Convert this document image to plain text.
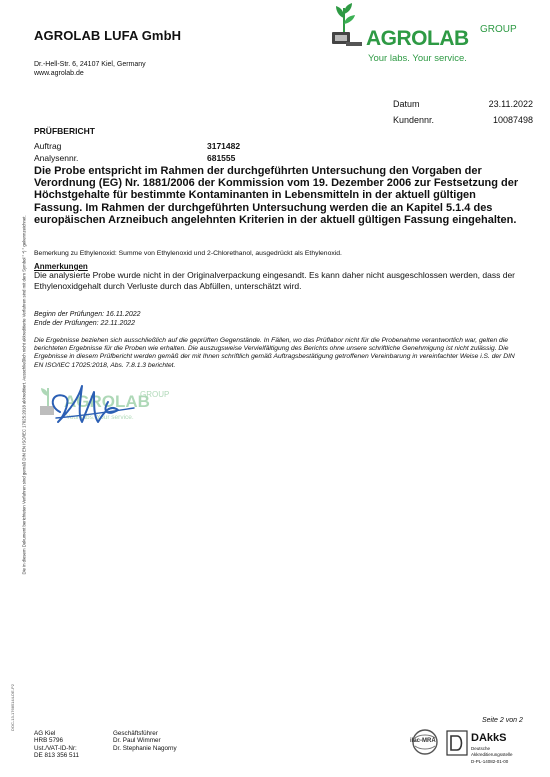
AGROLAB LUFA GmbH
Dr.-Hell-Str. 6, 24107 Kiel, Germany
www.agrolab.de
AGROLAB GROUP
Your labs. Your service.
Datum	23.11.2022
Kundennr.	10087498
PRÜFBERICHT
Auftrag	3171482
Analysennr.	681555
Die Probe entspricht im Rahmen der durchgeführten Untersuchung den Vorgaben der Verordnung (EG) Nr. 1881/2006 der Kommission vom 19. Dezember 2006 zur Festsetzung der Höchstgehalte für bestimmte Kontaminanten in Lebensmitteln in der aktuell gültigen Fassung. Im Rahmen der durchgeführten Untersuchung werden die an Kapitel 5.1.4 des europäischen Arzneibuch angelehnten Kriterien in der aktuell gültigen Fassung eingehalten.
Bemerkung zu Ethylenoxid: Summe von Ethylenoxid und 2-Chlorethanol, ausgedrückt als Ethylenoxid.
Anmerkungen
Die analysierte Probe wurde nicht in der Originalverpackung eingesandt. Es kann daher nicht ausgeschlossen werden, dass der Ethylenoxidgehalt durch Verluste durch das Abfüllen, unterschätzt wird.
Beginn der Prüfungen: 16.11.2022
Ende der Prüfungen: 22.11.2022
Die Ergebnisse beziehen sich ausschließlich auf die geprüften Gegenstände. In Fällen, wo das Prüflabor nicht für die Probenahme verantwortlich war, gelten die berichteten Ergebnisse für die Proben wie erhalten. Die auszugsweise Vervielfältigung des Berichts ohne unsere schriftliche Genehmigung ist nicht zulässig. Die Ergebnisse in diesem Prüfbericht werden gemäß der mit Ihnen schriftlich gemäß Auftragsbestätigung getroffenen Vereinbarung in vereinfachter Weise i.S. der DIN EN ISO/IEC 17025:2018, Abs. 7.8.1.3 berichtet.
AGROLAB
GROUP
Your labs. Your service.
Die in diesem Dokument berichteten Verfahren sind gemäß DIN EN ISO/IEC 17025:2018 akkreditiert. Ausschließlich nicht akkreditierte Verfahren sind mit dem Symbol " *) " gekennzeichnet.
DOC-13-17685144-DE-P2	Seite 2 von 2
AG Kiel
HRB 5796
Ust./VAT-ID-Nr:
DE 813 356 511
Geschäftsführer
Dr. Paul Wimmer
Dr. Stephanie Nagorny
ilac-MRA	DAkkS
Deutsche
Akkreditierungsstelle
D-PL-14082-01-00
